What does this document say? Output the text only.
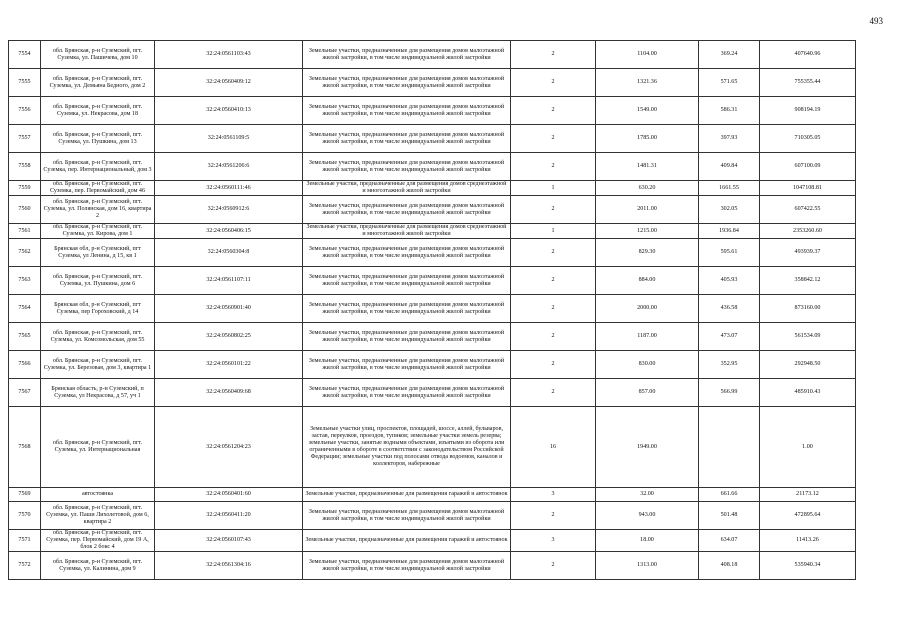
493
7554	обл. Брянская, р-н Суземский, пгт. Суземка, ул. Пашичева, дом 10	32:24:0561103:43	Земельные участки, предназначенные для размещения домов малоэтажной жилой застройки, в том числе индивидуальной жилой застройки	2	1104.00	369.24	407640.96
7555	обл. Брянская, р-н Суземский, пгт. Суземка, ул. Демьяна Бедного, дом 2	32:24:0560409:12	Земельные участки, предназначенные для размещения домов малоэтажной жилой застройки, в том числе индивидуальной жилой застройки	2	1321.36	571.65	755355.44
7556	обл. Брянская, р-н Суземский, пгт. Суземка, ул. Некрасова, дом 18	32:24:0560410:13	Земельные участки, предназначенные для размещения домов малоэтажной жилой застройки, в том числе индивидуальной жилой застройки	2	1549.00	586.31	908194.19
7557	обл. Брянская, р-н Суземский, пгт. Суземка, ул. Пушкина, дом 13	32:24:0561109:5	Земельные участки, предназначенные для размещения домов малоэтажной жилой застройки, в том числе индивидуальной жилой застройки	2	1785.00	397.93	710305.05
7558	обл. Брянская, р-н Суземский, пгт. Суземка, пер. Интернациональный, дом 3	32:24:0561206:6	Земельные участки, предназначенные для размещения домов малоэтажной жилой застройки, в том числе индивидуальной жилой застройки	2	1481.31	409.84	607100.09
7559	обл. Брянская, р-н Суземский, пгт. Суземка, пер. Первомайский, дом 46	32:24:0560111:46	Земельные участки, предназначенные для размещения домов среднеэтажной и многоэтажной жилой застройки	1	630.20	1661.55	1047108.81
7560	обл. Брянская, р-н Суземский, пгт. Суземка, ул. Полянская, дом 16, квартира 2	32:24:0560912:6	Земельные участки, предназначенные для размещения домов малоэтажной жилой застройки, в том числе индивидуальной жилой застройки	2	2011.00	302.05	607422.55
7561	обл. Брянская, р-н Суземский, пгт. Суземка, ул. Кирова, дом 1	32:24:0560406:15	Земельные участки, предназначенные для размещения домов среднеэтажной и многоэтажной жилой застройки	1	1215.00	1936.84	2353260.60
7562	Брянская обл, р-н Суземский, пгт Суземка, ул Ленина, д 15, кв 1	32:24:0560304:8	Земельные участки, предназначенные для размещения домов малоэтажной жилой застройки, в том числе индивидуальной жилой застройки	2	829.30	595.61	493939.37
7563	обл. Брянская, р-н Суземский, пгт. Суземка, ул. Пушкина, дом 6	32:24:0561107:11	Земельные участки, предназначенные для размещения домов малоэтажной жилой застройки, в том числе индивидуальной жилой застройки	2	884.00	405.93	358842.12
7564	Брянская обл, р-н Суземский, пгт Суземка, пер Гороховский, д 14	32:24:0560901:40	Земельные участки, предназначенные для размещения домов малоэтажной жилой застройки, в том числе индивидуальной жилой застройки	2	2000.00	436.58	873160.00
7565	обл. Брянская, р-н Суземский, пгт. Суземка, ул. Комсомольская, дом 55	32:24:0560802:25	Земельные участки, предназначенные для размещения домов малоэтажной жилой застройки, в том числе индивидуальной жилой застройки	2	1187.00	473.07	561534.09
7566	обл. Брянская, р-н Суземский, пгт. Суземка, ул. Березовая, дом 3, квартира 1	32:24:0560101:22	Земельные участки, предназначенные для размещения домов малоэтажной жилой застройки, в том числе индивидуальной жилой застройки	2	830.00	352.95	292948.50
7567	Брянская область, р-н Суземский, п Суземка, ул Некрасова, д 57, уч 1	32:24:0560409:68	Земельные участки, предназначенные для размещения домов малоэтажной жилой застройки, в том числе индивидуальной жилой застройки	2	857.00	566.99	485910.43
7568	обл. Брянская, р-н Суземский, пгт. Суземка, ул. Интернациональная	32:24:0561204:23	Земельные участки улиц, проспектов, площадей, шоссе, аллей, бульваров, застав, переулков, проездов, тупиков; земельные участки земель резерва; земельные участки, занятые водными объектами, изъятыми из оборота или ограниченными в обороте в соответствии с законодательством Российской Федерации; земельные участки под полосами отвода водоемов, каналов и коллекторов, набережные	16	1949.00		1.00
7569	автостоянка	32:24:0560401:60	Земельные участки, предназначенные для размещения гаражей и автостоянок	3	32.00	661.66	21173.12
7570	обл. Брянская, р-н Суземский, пгт. Суземка, ул. Паши Лихолетовой, дом 6, квартира 2	32:24:0560411:20	Земельные участки, предназначенные для размещения домов малоэтажной жилой застройки, в том числе индивидуальной жилой застройки	2	943.00	501.48	472895.64
7571	обл. Брянская, р-н Суземский, пгт. Суземка, пер. Первомайский, дом 19 А, блок 2 бокс 4	32:24:0560107:43	Земельные участки, предназначенные для размещения гаражей и автостоянок	3	18.00	634.07	11413.26
7572	обл. Брянская, р-н Суземский, пгт. Суземка, ул. Калинина, дом 9	32:24:0561304:16	Земельные участки, предназначенные для размещения домов малоэтажной жилой застройки, в том числе индивидуальной жилой застройки	2	1313.00	408.18	535940.34
